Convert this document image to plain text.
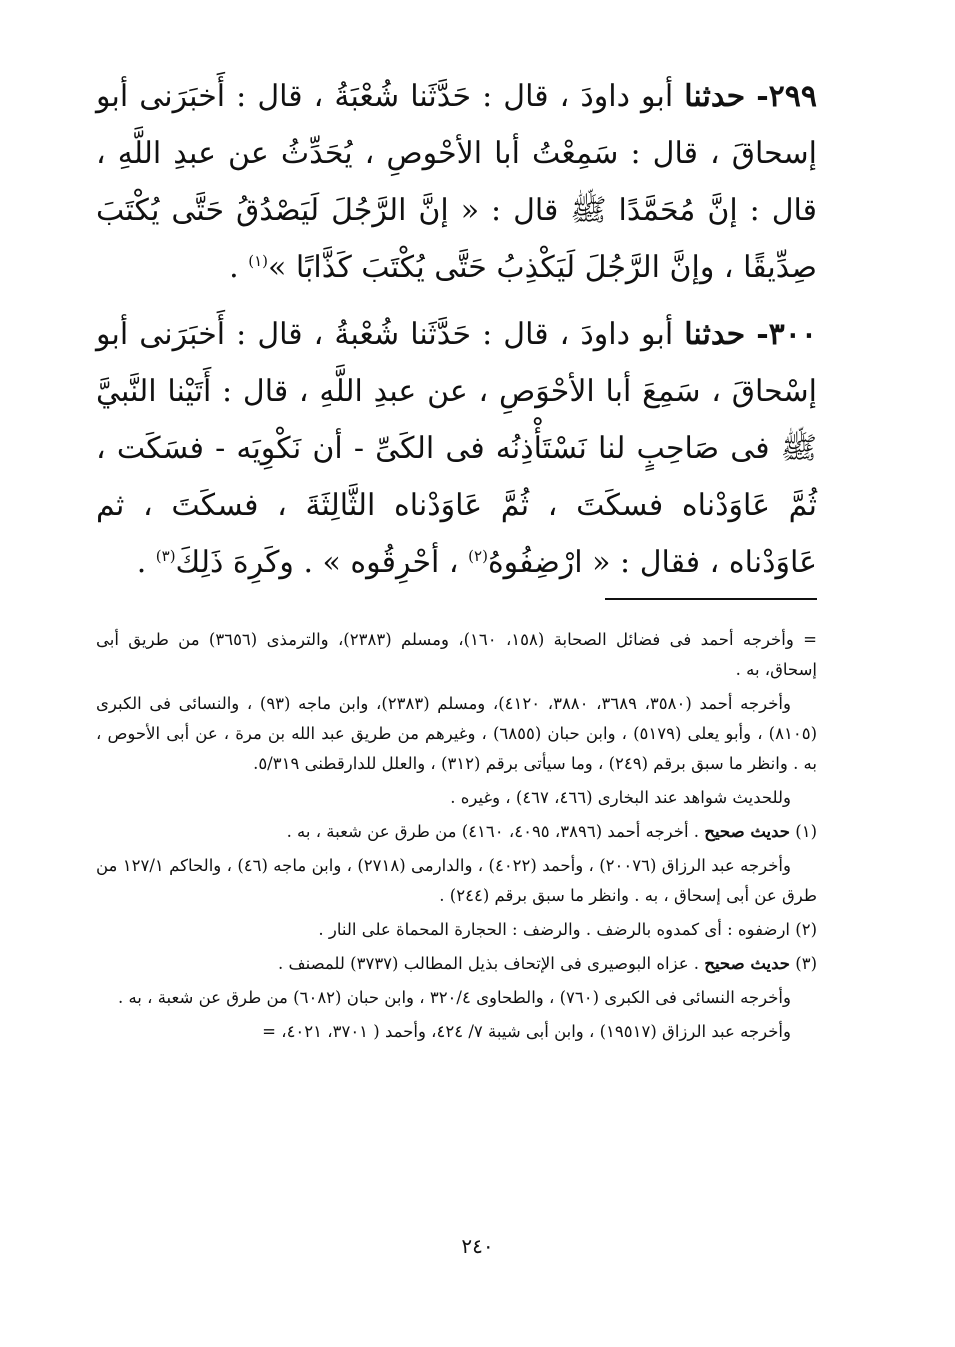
٢٩٩- حدثنا أبو داودَ ، قال : حَدَّثَنا شُعْبَةُ ، قال : أَخبَرَنى أبو إسحاقَ ، قال : سَمِعْتُ أبا الأحْوصِ ، يُحَدِّثُ عن عبدِ اللَّهِ ، قال : إنَّ مُحَمَّدًا ﷺ قال : « إنَّ الرَّجُلَ لَيَصْدُقُ حَتَّى يُكْتَبَ صِدِّيقًا ، وإنَّ الرَّجُلَ لَيَكْذِبُ حَتَّى يُكْتَبَ كَذَّابًا »$^{(١)}$ .

٣٠٠- حدثنا أبو داودَ ، قال : حَدَّثَنا شُعْبةُ ، قال : أَخبَرَنى أبو إسْحاقَ ، سَمِعَ أبا الأحْوَصِ ، عن عبدِ اللَّهِ ، قال : أَتَيْنا النَّبيَّ ﷺ فى صَاحِبٍ لنا نَسْتَأْذِنُه فى الكَىِّ - أن نَكْوِيَه - فسَكَت ، ثُمَّ عَاوَدْناه فسكَتَ ، ثُمَّ عَاوَدْناه الثَّالِثَةَ ، فسكَتَ ، ثم عَاوَدْناه ، فقال : « ارْضِفُوهُ$^{(٢)}$ ، أحْرِقُوه » . وكَرِهَ ذَلِكَ$^{(٣)}$ .

= وأخرجه أحمد فى فضائل الصحابة (١٥٨، ١٦٠)، ومسلم (٢٣٨٣)، والترمذى (٣٦٥٦) من طريق أبى إسحاق، به .

وأخرجه أحمد (٣٥٨٠، ٣٦٨٩، ٣٨٨٠، ٤١٢٠)، ومسلم (٢٣٨٣)، وابن ماجه (٩٣) ، والنسائى فى الكبرى (٨١٠٥) ، وأبو يعلى (٥١٧٩) ، وابن حبان (٦٨٥٥) ، وغيرهم من طريق عبد الله بن مرة ، عن أبى الأحوص ، به . وانظر ما سبق برقم (٢٤٩) ، وما سيأتى برقم (٣١٢) ، والعلل للدارقطنى ٥/٣١٩.

وللحديث شواهد عند البخارى (٤٦٦، ٤٦٧) ، وغيره .

(١) حديث صحيح . أخرجه أحمد (٣٨٩٦، ٤٠٩٥، ٤١٦٠) من طرق عن شعبة ، به .

وأخرجه عبد الرزاق (٢٠٠٧٦) ، وأحمد (٤٠٢٢) ، والدارمى (٢٧١٨) ، وابن ماجه (٤٦) ، والحاكم ١٢٧/١ من طرق عن أبى إسحاق ، به . وانظر ما سبق برقم (٢٤٤) .

(٢) ارضفوه : أى كمدوه بالرضف . والرضف : الحجارة المحماة على النار .

(٣) حديث صحيح . عزاه البوصيرى فى الإتحاف بذيل المطالب (٣٧٣٧) للمصنف .

وأخرجه النسائى فى الكبرى (٧٦٠) ، والطحاوى ٣٢٠/٤ ، وابن حبان (٦٠٨٢) من طرق عن شعبة ، به .

وأخرجه عبد الرزاق (١٩٥١٧) ، وابن أبى شيبة ٧/ ٤٢٤، وأحمد ( ٣٧٠١، ٤٠٢١، =

٢٤٠
